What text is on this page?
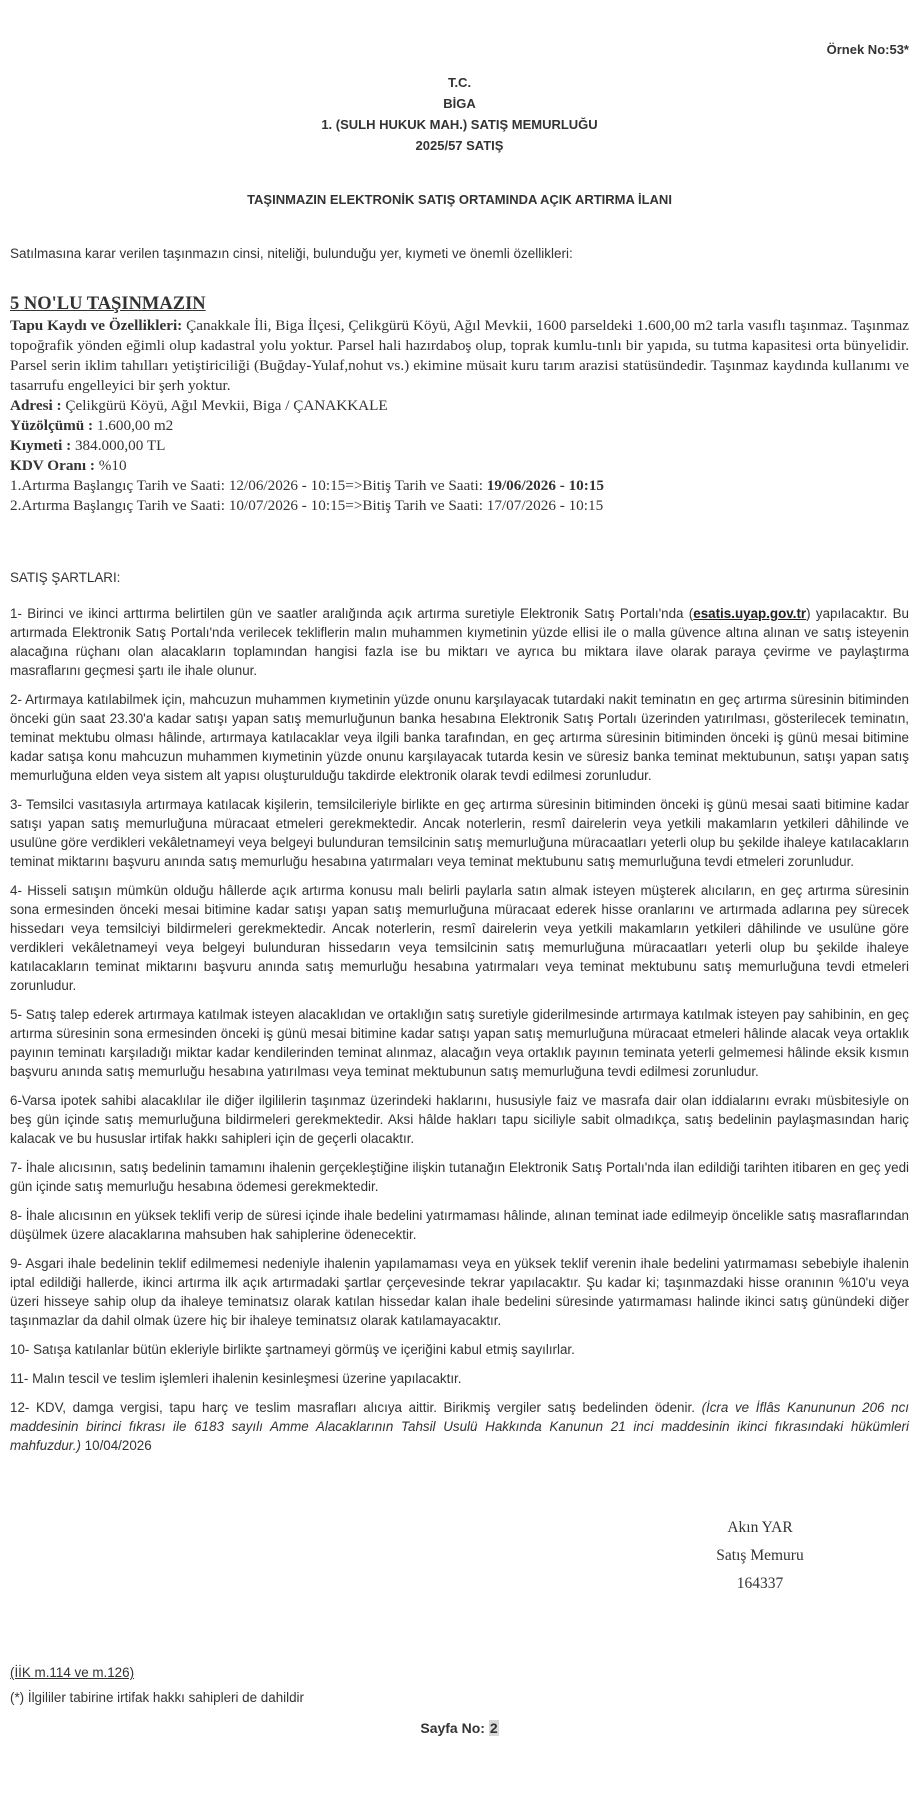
Örnek No:53*
T.C.
BİGA
1. (SULH HUKUK MAH.) SATIŞ MEMURLUĞU
2025/57 SATIŞ
TAŞINMAZIN ELEKTRONİK SATIŞ ORTAMINDA AÇIK ARTIRMA İLANI
Satılmasına karar verilen taşınmazın cinsi, niteliği, bulunduğu yer, kıymeti ve önemli özellikleri:
5 NO'LU TAŞINMAZIN

Tapu Kaydı ve Özellikleri: Çanakkale İli, Biga İlçesi, Çelikgürü Köyü, Ağıl Mevkii, 1600 parseldeki 1.600,00 m2 tarla vasıflı taşınmaz. Taşınmaz topoğrafik yönden eğimli olup kadastral yolu yoktur. Parsel hali hazırdaboş olup, toprak kumlu-tınlı bir yapıda, su tutma kapasitesi orta bünyelidir. Parsel serin iklim tahılları yetiştiriciliği (Buğday-Yulaf,nohut vs.) ekimine müsait kuru tarım arazisi statüsündedir. Taşınmaz kaydında kullanımı ve tasarrufu engelleyici bir şerh yoktur.

Adresi : Çelikgürü Köyü, Ağıl Mevkii, Biga / ÇANAKKALE

Yüzölçümü : 1.600,00 m2

Kıymeti : 384.000,00 TL

KDV Oranı : %10

1.Artırma Başlangıç Tarih ve Saati: 12/06/2026 - 10:15=>Bitiş Tarih ve Saati: 19/06/2026 - 10:15

2.Artırma Başlangıç Tarih ve Saati: 10/07/2026 - 10:15=>Bitiş Tarih ve Saati: 17/07/2026 - 10:15

SATIŞ ŞARTLARI:

1- Birinci ve ikinci arttırma belirtilen gün ve saatler aralığında açık artırma suretiyle Elektronik Satış Portalı'nda (esatis.uyap.gov.tr) yapılacaktır. Bu artırmada Elektronik Satış Portalı'nda verilecek tekliflerin malın muhammen kıymetinin yüzde ellisi ile o malla güvence altına alınan ve satış isteyenin alacağına rüçhanı olan alacakların toplamından hangisi fazla ise bu miktarı ve ayrıca bu miktara ilave olarak paraya çevirme ve paylaştırma masraflarını geçmesi şartı ile ihale olunur.

2- Artırmaya katılabilmek için, mahcuzun muhammen kıymetinin yüzde onunu karşılayacak tutardaki nakit teminatın en geç artırma süresinin bitiminden önceki gün saat 23.30'a kadar satışı yapan satış memurluğunun banka hesabına Elektronik Satış Portalı üzerinden yatırılması, gösterilecek teminatın, teminat mektubu olması hâlinde, artırmaya katılacaklar veya ilgili banka tarafından, en geç artırma süresinin bitiminden önceki iş günü mesai bitimine kadar satışa konu mahcuzun muhammen kıymetinin yüzde onunu karşılayacak tutarda kesin ve süresiz banka teminat mektubunun, satışı yapan satış memurluğuna elden veya sistem alt yapısı oluşturulduğu takdirde elektronik olarak tevdi edilmesi zorunludur.

3- Temsilci vasıtasıyla artırmaya katılacak kişilerin, temsilcileriyle birlikte en geç artırma süresinin bitiminden önceki iş günü mesai saati bitimine kadar satışı yapan satış memurluğuna müracaat etmeleri gerekmektedir. Ancak noterlerin, resmî dairelerin veya yetkili makamların yetkileri dâhilinde ve usulüne göre verdikleri vekâletnameyi veya belgeyi bulunduran temsilcinin satış memurluğuna müracaatları yeterli olup bu şekilde ihaleye katılacakların teminat miktarını başvuru anında satış memurluğu hesabına yatırmaları veya teminat mektubunu satış memurluğuna tevdi etmeleri zorunludur.

4- Hisseli satışın mümkün olduğu hâllerde açık artırma konusu malı belirli paylarla satın almak isteyen müşterek alıcıların, en geç artırma süresinin sona ermesinden önceki mesai bitimine kadar satışı yapan satış memurluğuna müracaat ederek hisse oranlarını ve artırmada adlarına pey sürecek hissedarı veya temsilciyi bildirmeleri gerekmektedir. Ancak noterlerin, resmî dairelerin veya yetkili makamların yetkileri dâhilinde ve usulüne göre verdikleri vekâletnameyi veya belgeyi bulunduran hissedarın veya temsilcinin satış memurluğuna müracaatları yeterli olup bu şekilde ihaleye katılacakların teminat miktarını başvuru anında satış memurluğu hesabına yatırmaları veya teminat mektubunu satış memurluğuna tevdi etmeleri zorunludur.

5- Satış talep ederek artırmaya katılmak isteyen alacaklıdan ve ortaklığın satış suretiyle giderilmesinde artırmaya katılmak isteyen pay sahibinin, en geç artırma süresinin sona ermesinden önceki iş günü mesai bitimine kadar satışı yapan satış memurluğuna müracaat etmeleri hâlinde alacak veya ortaklık payının teminatı karşıladığı miktar kadar kendilerinden teminat alınmaz, alacağın veya ortaklık payının teminata yeterli gelmemesi hâlinde eksik kısmın başvuru anında satış memurluğu hesabına yatırılması veya teminat mektubunun satış memurluğuna tevdi edilmesi zorunludur.

6-Varsa ipotek sahibi alacaklılar ile diğer ilgililerin taşınmaz üzerindeki haklarını, hususiyle faiz ve masrafa dair olan iddialarını evrakı müsbitesiyle on beş gün içinde satış memurluğuna bildirmeleri gerekmektedir. Aksi hâlde hakları tapu siciliyle sabit olmadıkça, satış bedelinin paylaşmasından hariç kalacak ve bu hususlar irtifak hakkı sahipleri için de geçerli olacaktır.

7- İhale alıcısının, satış bedelinin tamamını ihalenin gerçekleştiğine ilişkin tutanağın Elektronik Satış Portalı'nda ilan edildiği tarihten itibaren en geç yedi gün içinde satış memurluğu hesabına ödemesi gerekmektedir.

8- İhale alıcısının en yüksek teklifi verip de süresi içinde ihale bedelini yatırmaması hâlinde, alınan teminat iade edilmeyip öncelikle satış masraflarından düşülmek üzere alacaklarına mahsuben hak sahiplerine ödenecektir.

9- Asgari ihale bedelinin teklif edilmemesi nedeniyle ihalenin yapılamaması veya en yüksek teklif verenin ihale bedelini yatırmaması sebebiyle ihalenin iptal edildiği hallerde, ikinci artırma ilk açık artırmadaki şartlar çerçevesinde tekrar yapılacaktır. Şu kadar ki; taşınmazdaki hisse oranının %10'u veya üzeri hisseye sahip olup da ihaleye teminatsız olarak katılan hissedar kalan ihale bedelini süresinde yatırmaması halinde ikinci satış günündeki diğer taşınmazlar da dahil olmak üzere hiç bir ihaleye teminatsız olarak katılamayacaktır.

10- Satışa katılanlar bütün ekleriyle birlikte şartnameyi görmüş ve içeriğini kabul etmiş sayılırlar.

11- Malın tescil ve teslim işlemleri ihalenin kesinleşmesi üzerine yapılacaktır.

12- KDV, damga vergisi, tapu harç ve teslim masrafları alıcıya aittir. Birikmiş vergiler satış bedelinden ödenir. (İcra ve İflâs Kanununun 206 ncı maddesinin birinci fıkrası ile 6183 sayılı Amme Alacaklarının Tahsil Usulü Hakkında Kanunun 21 inci maddesinin ikinci fıkrasındaki hükümleri mahfuzdur.) 10/04/2026

Akın YAR
Satış Memuru
164337
(İİK m.114 ve m.126)
(*) İlgililer tabirine irtifak hakkı sahipleri de dahildir
Sayfa No: 2
